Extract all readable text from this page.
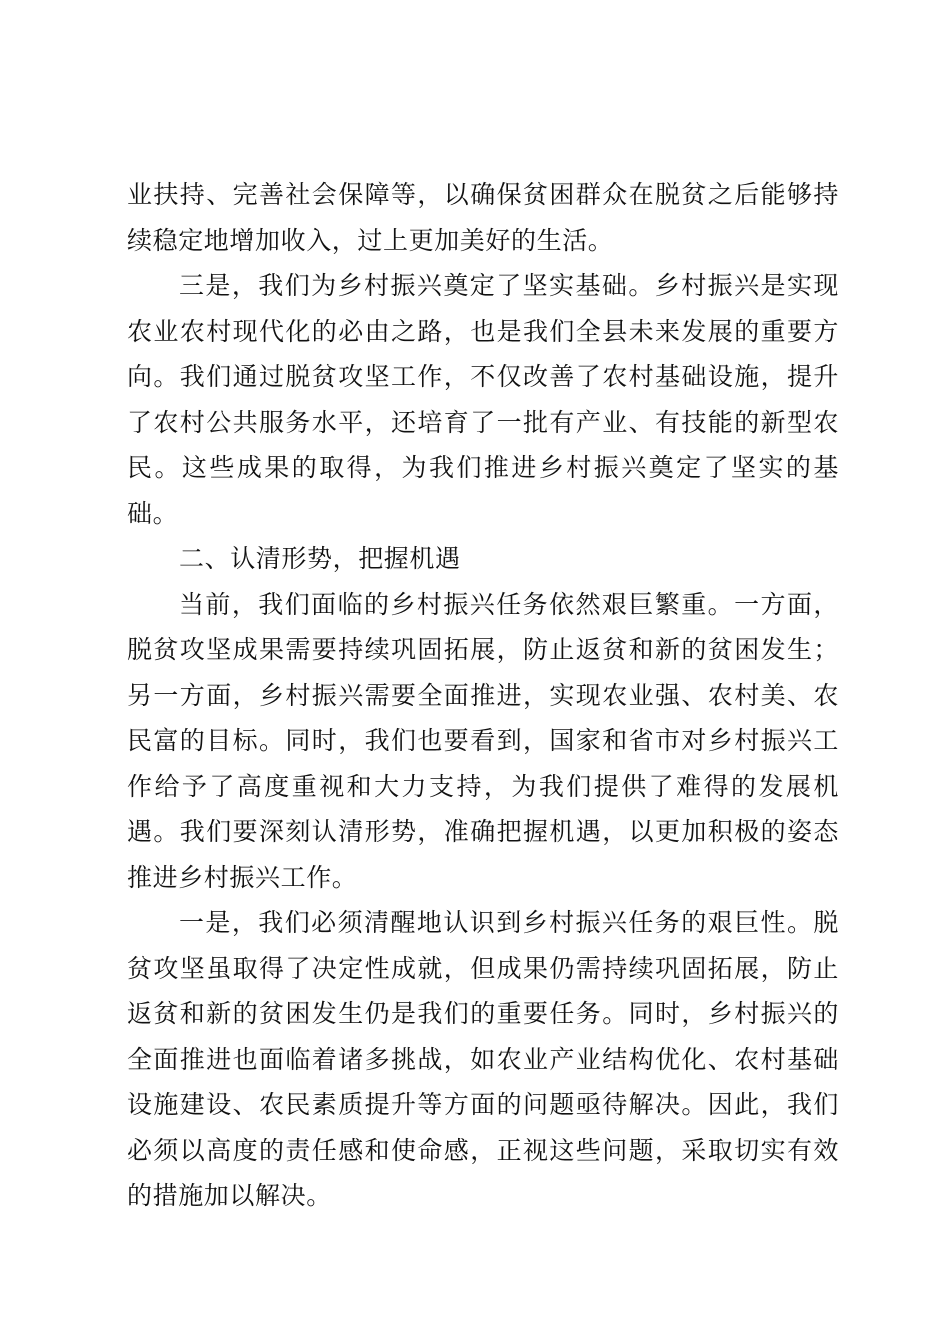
业扶持、完善社会保障等，以确保贫困群众在脱贫之后能够持续稳定地增加收入，过上更加美好的生活。

三是，我们为乡村振兴奠定了坚实基础。乡村振兴是实现农业农村现代化的必由之路，也是我们全县未来发展的重要方向。我们通过脱贫攻坚工作，不仅改善了农村基础设施，提升了农村公共服务水平，还培育了一批有产业、有技能的新型农民。这些成果的取得，为我们推进乡村振兴奠定了坚实的基础。

二、认清形势，把握机遇

当前，我们面临的乡村振兴任务依然艰巨繁重。一方面，脱贫攻坚成果需要持续巩固拓展，防止返贫和新的贫困发生；另一方面，乡村振兴需要全面推进，实现农业强、农村美、农民富的目标。同时，我们也要看到，国家和省市对乡村振兴工作给予了高度重视和大力支持，为我们提供了难得的发展机遇。我们要深刻认清形势，准确把握机遇，以更加积极的姿态推进乡村振兴工作。

一是，我们必须清醒地认识到乡村振兴任务的艰巨性。脱贫攻坚虽取得了决定性成就，但成果仍需持续巩固拓展，防止返贫和新的贫困发生仍是我们的重要任务。同时，乡村振兴的全面推进也面临着诸多挑战，如农业产业结构优化、农村基础设施建设、农民素质提升等方面的问题亟待解决。因此，我们必须以高度的责任感和使命感，正视这些问题，采取切实有效的措施加以解决。
